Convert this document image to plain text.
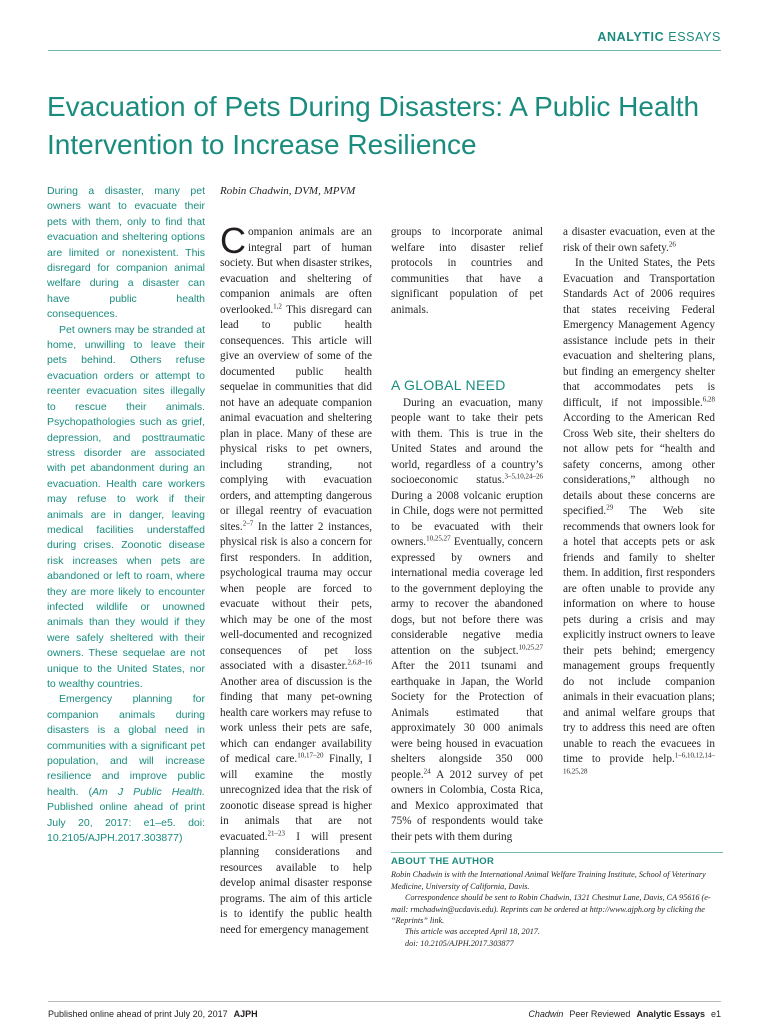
ANALYTIC ESSAYS
Evacuation of Pets During Disasters: A Public Health Intervention to Increase Resilience

During a disaster, many pet owners want to evacuate their pets with them, only to find that evacuation and sheltering options are limited or nonexistent. This disregard for companion animal welfare during a disaster can have public health consequences.

Pet owners may be stranded at home, unwilling to leave their pets behind. Others refuse evacuation orders or attempt to reenter evacuation sites illegally to rescue their animals. Psychopathologies such as grief, depression, and posttraumatic stress disorder are associated with pet abandonment during an evacuation. Health care workers may refuse to work if their animals are in danger, leaving medical facilities understaffed during crises. Zoonotic disease risk increases when pets are abandoned or left to roam, where they are more likely to encounter infected wildlife or unowned animals than they would if they were safely sheltered with their owners. These sequelae are not unique to the United States, nor to wealthy countries.

Emergency planning for companion animals during disasters is a global need in communities with a significant pet population, and will increase resilience and improve public health. (Am J Public Health. Published online ahead of print July 20, 2017: e1–e5. doi: 10.2105/AJPH.2017.303877)

Robin Chadwin, DVM, MPVM

Companion animals are an integral part of human society. But when disaster strikes, evacuation and sheltering of companion animals are often overlooked.$^{1,2}$ This disregard can lead to public health consequences. This article will give an overview of some of the documented public health sequelae in communities that did not have an adequate companion animal evacuation and sheltering plan in place. Many of these are physical risks to pet owners, including stranding, not complying with evacuation orders, and attempting dangerous or illegal reentry of evacuation sites.$^{2-7}$ In the latter 2 instances, physical risk is also a concern for first responders. In addition, psychological trauma may occur when people are forced to evacuate without their pets, which may be one of the most well-documented and recognized consequences of pet loss associated with a disaster.$^{2,6,8-16}$ Another area of discussion is the finding that many pet-owning health care workers may refuse to work unless their pets are safe, which can endanger availability of medical care.$^{10,17-20}$ Finally, I will examine the mostly unrecognized idea that the risk of zoonotic disease spread is higher in animals that are not evacuated.$^{21-23}$ I will present planning considerations and resources available to help develop animal disaster response programs. The aim of this article is to identify the public health need for emergency management

groups to incorporate animal welfare into disaster relief protocols in countries and communities that have a significant population of pet animals.

A GLOBAL NEED

During an evacuation, many people want to take their pets with them. This is true in the United States and around the world, regardless of a country’s socioeconomic status.$^{3-5,10,24-26}$ During a 2008 volcanic eruption in Chile, dogs were not permitted to be evacuated with their owners.$^{10,25,27}$ Eventually, concern expressed by owners and international media coverage led to the government deploying the army to recover the abandoned dogs, but not before there was considerable negative media attention on the subject.$^{10,25,27}$ After the 2011 tsunami and earthquake in Japan, the World Society for the Protection of Animals estimated that approximately 30 000 animals were being housed in evacuation shelters alongside 350 000 people.$^{24}$ A 2012 survey of pet owners in Colombia, Costa Rica, and Mexico approximated that 75% of respondents would take their pets with them during

a disaster evacuation, even at the risk of their own safety.$^{26}$

In the United States, the Pets Evacuation and Transportation Standards Act of 2006 requires that states receiving Federal Emergency Management Agency assistance include pets in their evacuation and sheltering plans, but finding an emergency shelter that accommodates pets is difficult, if not impossible.$^{6,28}$ According to the American Red Cross Web site, their shelters do not allow pets for “health and safety concerns, among other considerations,” although no details about these concerns are specified.$^{29}$ The Web site recommends that owners look for a hotel that accepts pets or ask friends and family to shelter them. In addition, first responders are often unable to provide any information on where to house pets during a crisis and may explicitly instruct owners to leave their pets behind; emergency management groups frequently do not include companion animals in their evacuation plans; and animal welfare groups that try to address this need are often unable to reach the evacuees in time to provide help.$^{1-6,10,12,14-16,25,28}$

ABOUT THE AUTHOR

Robin Chadwin is with the International Animal Welfare Training Institute, School of Veterinary Medicine, University of California, Davis.

Correspondence should be sent to Robin Chadwin, 1321 Chestnut Lane, Davis, CA 95616 (e-mail: rmchadwin@ucdavis.edu). Reprints can be ordered at http://www.ajph.org by clicking the “Reprints” link.

This article was accepted April 18, 2017.

doi: 10.2105/AJPH.2017.303877

Published online ahead of print July 20, 2017 AJPH	Chadwin Peer Reviewed Analytic Essays e1
